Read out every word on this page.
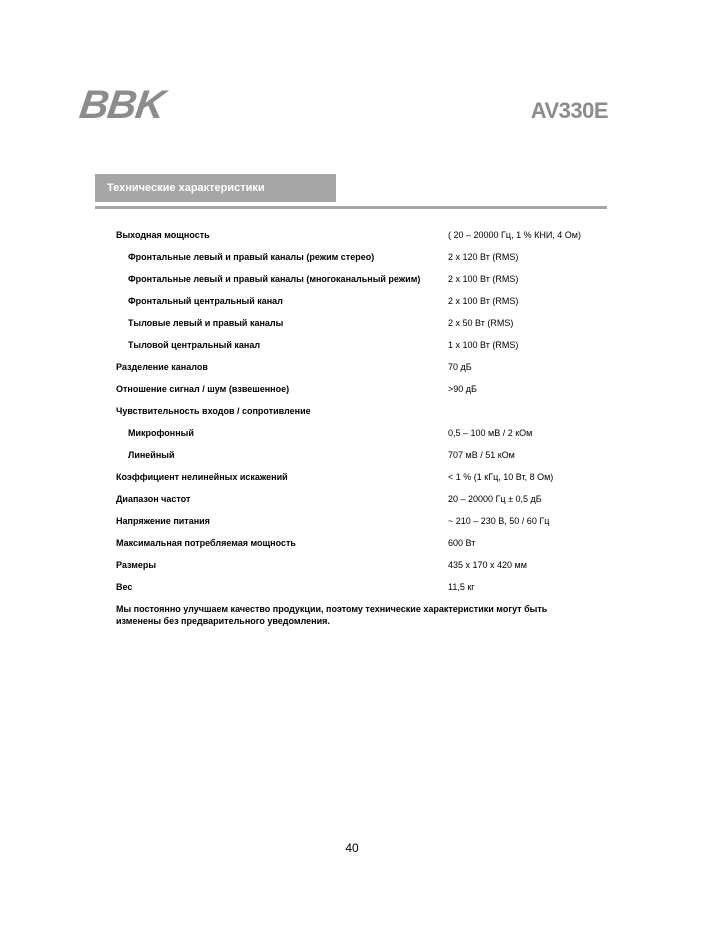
BBK	AV330E
Технические характеристики
Выходная мощность	( 20 – 20000 Гц, 1 % КНИ, 4 Ом)
Фронтальные левый и правый каналы (режим стерео)	2 х 120 Вт (RMS)
Фронтальные левый и правый каналы (многоканальный режим)	2 х 100 Вт (RMS)
Фронтальный центральный канал	2 х 100 Вт (RMS)
Тыловые левый и правый каналы	2 х 50 Вт (RMS)
Тыловой центральный канал	1 х 100 Вт (RMS)
Разделение каналов	70 дБ
Отношение сигнал / шум (взвешенное)	>90 дБ
Чувствительность входов / сопротивление
Микрофонный	0,5 – 100 мВ / 2 кОм
Линейный	707 мВ / 51 кОм
Коэффициент нелинейных искажений	< 1 % (1 кГц, 10 Вт, 8 Ом)
Диапазон частот	20 – 20000 Гц ± 0,5 дБ
Напряжение питания	~ 210 – 230 В, 50 / 60 Гц
Максимальная потребляемая мощность	600 Вт
Размеры	435 х 170 х 420 мм
Вес	11,5 кг
Мы постоянно улучшаем качество продукции, поэтому технические характеристики могут быть изменены без предварительного уведомления.
40
